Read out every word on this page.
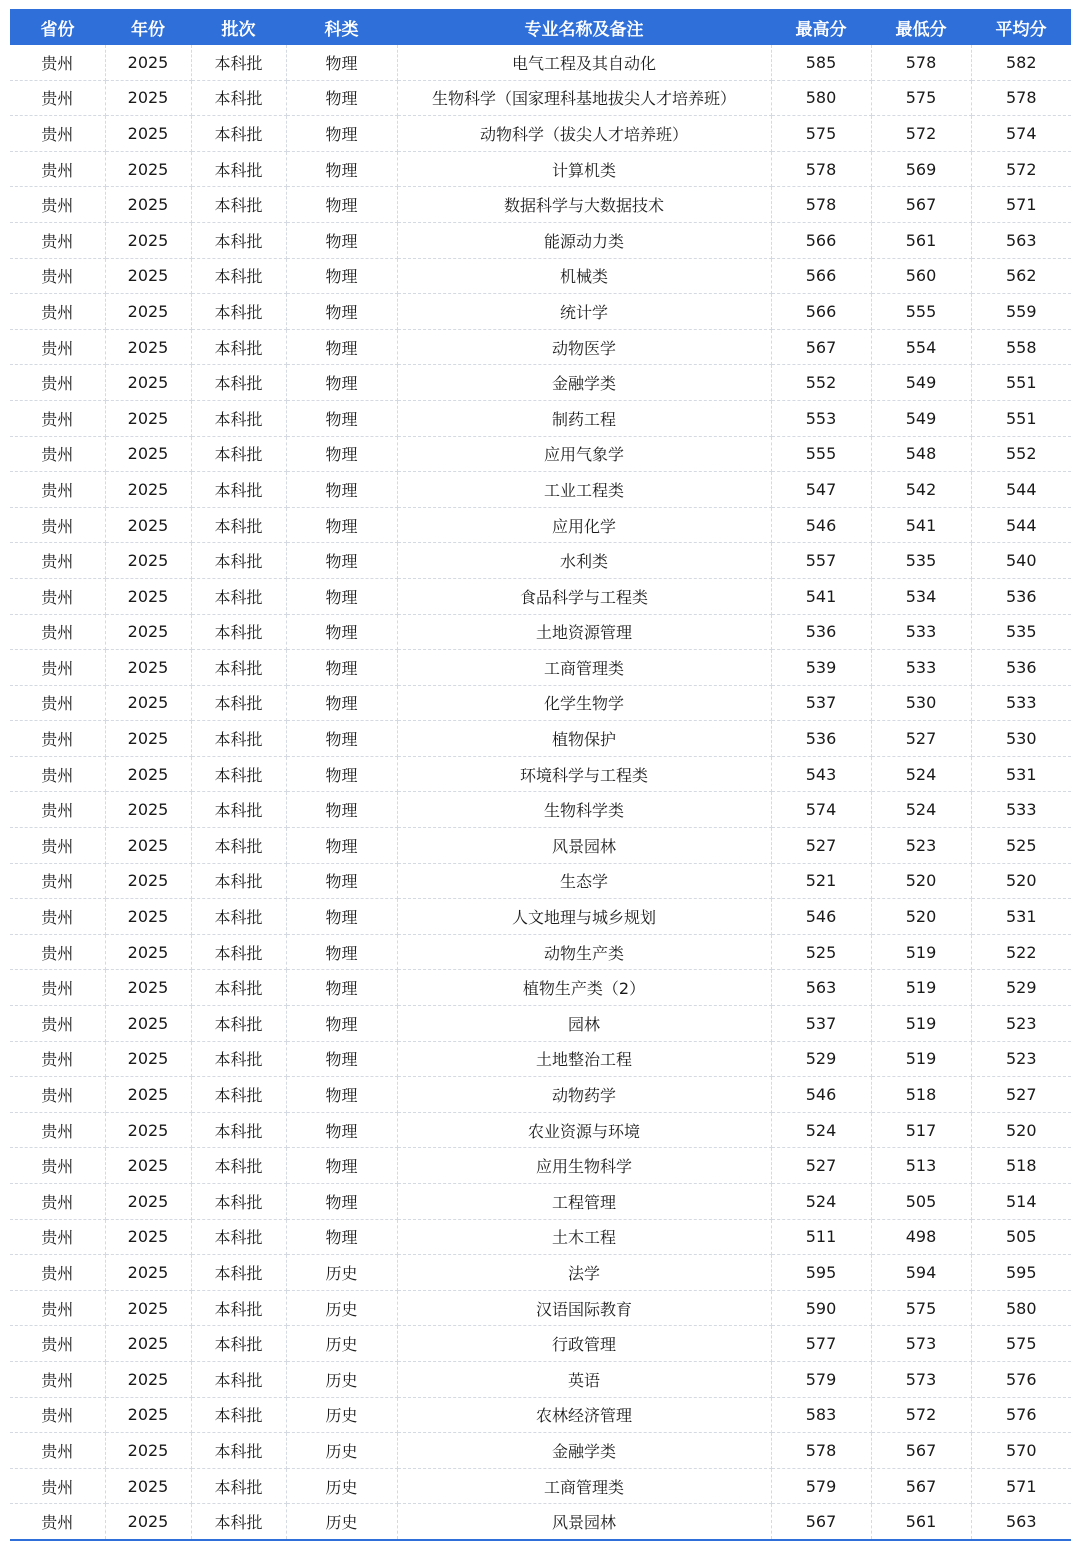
省份	年份	批次	科类	专业名称及备注	最高分	最低分	平均分
贵州	2025	本科批	物理	电气工程及其自动化	585	578	582
贵州	2025	本科批	物理	生物科学（国家理科基地拔尖人才培养班）	580	575	578
贵州	2025	本科批	物理	动物科学（拔尖人才培养班）	575	572	574
贵州	2025	本科批	物理	计算机类	578	569	572
贵州	2025	本科批	物理	数据科学与大数据技术	578	567	571
贵州	2025	本科批	物理	能源动力类	566	561	563
贵州	2025	本科批	物理	机械类	566	560	562
贵州	2025	本科批	物理	统计学	566	555	559
贵州	2025	本科批	物理	动物医学	567	554	558
贵州	2025	本科批	物理	金融学类	552	549	551
贵州	2025	本科批	物理	制药工程	553	549	551
贵州	2025	本科批	物理	应用气象学	555	548	552
贵州	2025	本科批	物理	工业工程类	547	542	544
贵州	2025	本科批	物理	应用化学	546	541	544
贵州	2025	本科批	物理	水利类	557	535	540
贵州	2025	本科批	物理	食品科学与工程类	541	534	536
贵州	2025	本科批	物理	土地资源管理	536	533	535
贵州	2025	本科批	物理	工商管理类	539	533	536
贵州	2025	本科批	物理	化学生物学	537	530	533
贵州	2025	本科批	物理	植物保护	536	527	530
贵州	2025	本科批	物理	环境科学与工程类	543	524	531
贵州	2025	本科批	物理	生物科学类	574	524	533
贵州	2025	本科批	物理	风景园林	527	523	525
贵州	2025	本科批	物理	生态学	521	520	520
贵州	2025	本科批	物理	人文地理与城乡规划	546	520	531
贵州	2025	本科批	物理	动物生产类	525	519	522
贵州	2025	本科批	物理	植物生产类（2）	563	519	529
贵州	2025	本科批	物理	园林	537	519	523
贵州	2025	本科批	物理	土地整治工程	529	519	523
贵州	2025	本科批	物理	动物药学	546	518	527
贵州	2025	本科批	物理	农业资源与环境	524	517	520
贵州	2025	本科批	物理	应用生物科学	527	513	518
贵州	2025	本科批	物理	工程管理	524	505	514
贵州	2025	本科批	物理	土木工程	511	498	505
贵州	2025	本科批	历史	法学	595	594	595
贵州	2025	本科批	历史	汉语国际教育	590	575	580
贵州	2025	本科批	历史	行政管理	577	573	575
贵州	2025	本科批	历史	英语	579	573	576
贵州	2025	本科批	历史	农林经济管理	583	572	576
贵州	2025	本科批	历史	金融学类	578	567	570
贵州	2025	本科批	历史	工商管理类	579	567	571
贵州	2025	本科批	历史	风景园林	567	561	563
